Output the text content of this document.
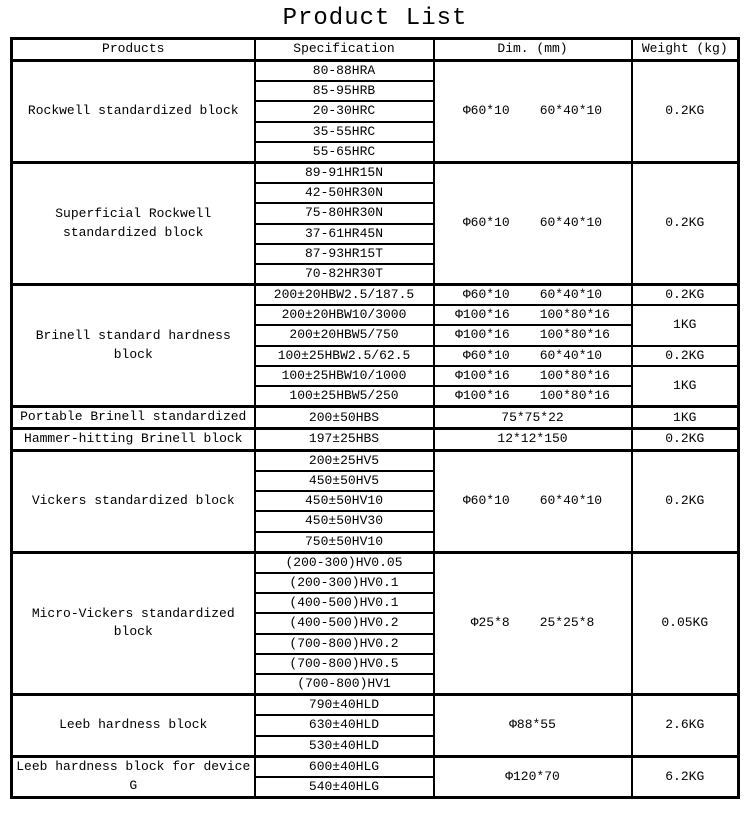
Product List
Products	Specification	Dim. (mm)	Weight (kg)
Rockwell standardized block	80-88HRA	Φ60*10 60*40*10	0.2KG
	85-95HRB		
	20-30HRC		
	35-55HRC		
	55-65HRC		
Superficial Rockwell standardized block	89-91HR15N	Φ60*10 60*40*10	0.2KG
	42-50HR30N		
	75-80HR30N		
	37-61HR45N		
	87-93HR15T		
	70-82HR30T		
Brinell standard hardness block	200±20HBW2.5/187.5	Φ60*10 60*40*10	0.2KG
	200±20HBW10/3000	Φ100*16 100*80*16	1KG
	200±20HBW5/750	Φ100*16 100*80*16	
	100±25HBW2.5/62.5	Φ60*10 60*40*10	0.2KG
	100±25HBW10/1000	Φ100*16 100*80*16	1KG
	100±25HBW5/250	Φ100*16 100*80*16	
Portable Brinell standardized	200±50HBS	75*75*22	1KG
Hammer-hitting Brinell block	197±25HBS	12*12*150	0.2KG
Vickers standardized block	200±25HV5	Φ60*10 60*40*10	0.2KG
	450±50HV5		
	450±50HV10		
	450±50HV30		
	750±50HV10		
Micro-Vickers standardized block	(200-300)HV0.05	Φ25*8 25*25*8	0.05KG
	(200-300)HV0.1		
	(400-500)HV0.1		
	(400-500)HV0.2		
	(700-800)HV0.2		
	(700-800)HV0.5		
	(700-800)HV1		
Leeb hardness block	790±40HLD	Φ88*55	2.6KG
	630±40HLD		
	530±40HLD		
Leeb hardness block for device G	600±40HLG	Φ120*70	6.2KG
	540±40HLG		
